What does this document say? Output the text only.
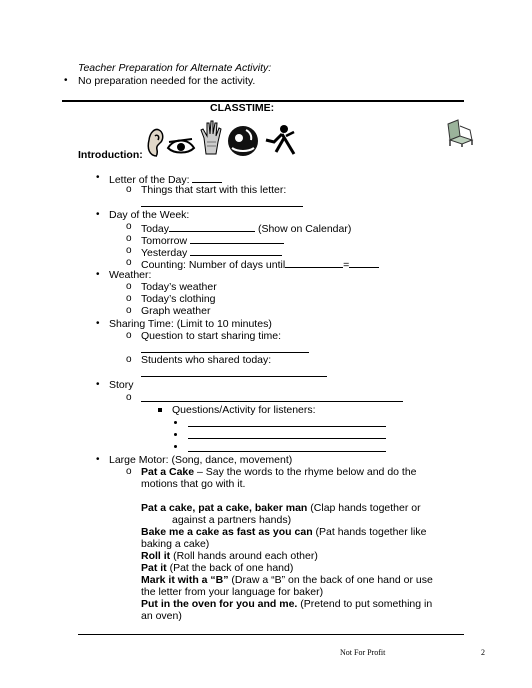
Teacher Preparation for Alternate Activity:
• No preparation needed for the activity.
CLASSTIME:
Introduction:
• Letter of the Day:
o Things that start with this letter:
• Day of the Week:
o Today	(Show on Calendar)
o Tomorrow
o Yesterday
o Counting: Number of days until	=
• Weather:
o Today’s weather
o Today’s clothing
o Graph weather
• Sharing Time: (Limit to 10 minutes)
o Question to start sharing time:
o Students who shared today:
• Story
o
Questions/Activity for listeners:
• Large Motor: (Song, dance, movement)
o Pat a Cake – Say the words to the rhyme below and do the
motions that go with it.
Pat a cake, pat a cake, baker man (Clap hands together or
against a partners hands)
Bake me a cake as fast as you can (Pat hands together like
baking a cake)
Roll it (Roll hands around each other)
Pat it (Pat the back of one hand)
Mark it with a “B” (Draw a “B” on the back of one hand or use
the letter from your language for baker)
Put in the oven for you and me. (Pretend to put something in
an oven)
Not For Profit	2
